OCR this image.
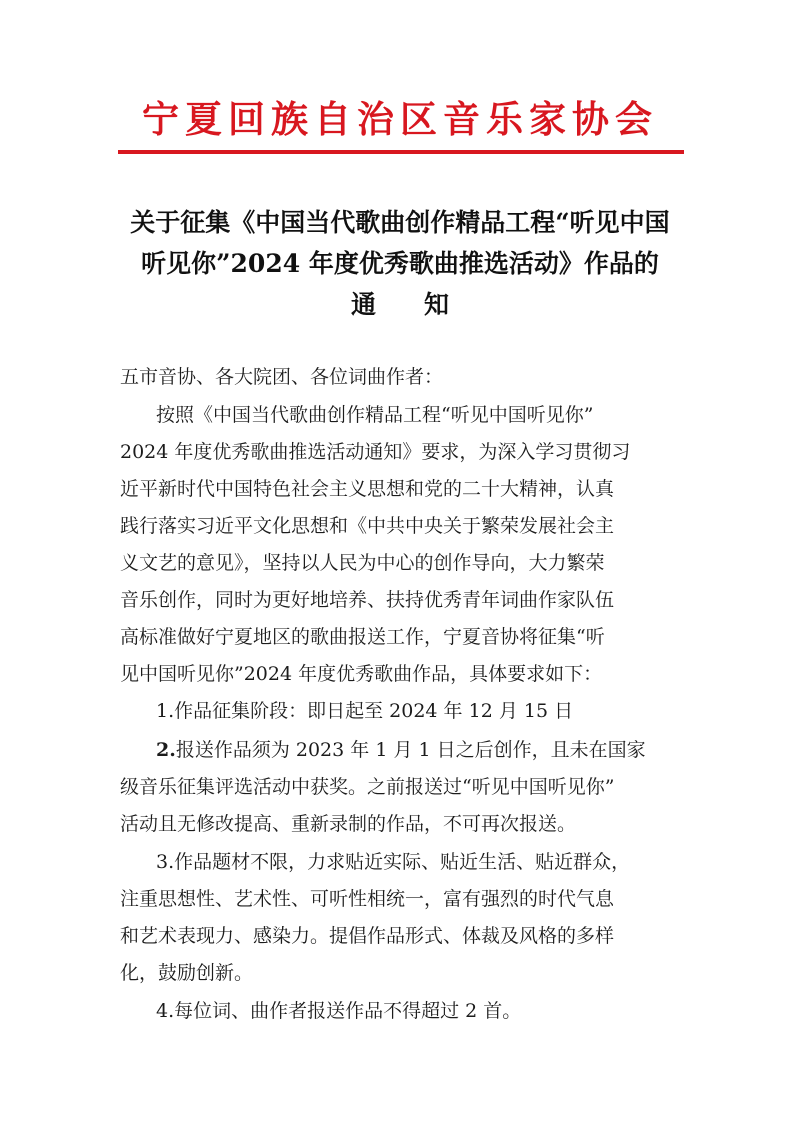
宁夏回族自治区音乐家协会
关于征集《中国当代歌曲创作精品工程“听见中国
听见你”2024 年度优秀歌曲推选活动》作品的
通 知
五市音协、各大院团、各位词曲作者：
按照《中国当代歌曲创作精品工程“听见中国听见你”
2024 年度优秀歌曲推选活动通知》要求，为深入学习贯彻习
近平新时代中国特色社会主义思想和党的二十大精神，认真
践行落实习近平文化思想和《中共中央关于繁荣发展社会主
义文艺的意见》，坚持以人民为中心的创作导向，大力繁荣
音乐创作，同时为更好地培养、扶持优秀青年词曲作家队伍
高标准做好宁夏地区的歌曲报送工作，宁夏音协将征集“听
见中国听见你”2024 年度优秀歌曲作品，具体要求如下：
1.作品征集阶段：即日起至 2024 年 12 月 15 日
2.报送作品须为 2023 年 1 月 1 日之后创作，且未在国家
级音乐征集评选活动中获奖。之前报送过“听见中国听见你”
活动且无修改提高、重新录制的作品，不可再次报送。
3.作品题材不限，力求贴近实际、贴近生活、贴近群众，
注重思想性、艺术性、可听性相统一，富有强烈的时代气息
和艺术表现力、感染力。提倡作品形式、体裁及风格的多样
化，鼓励创新。
4.每位词、曲作者报送作品不得超过 2 首。
